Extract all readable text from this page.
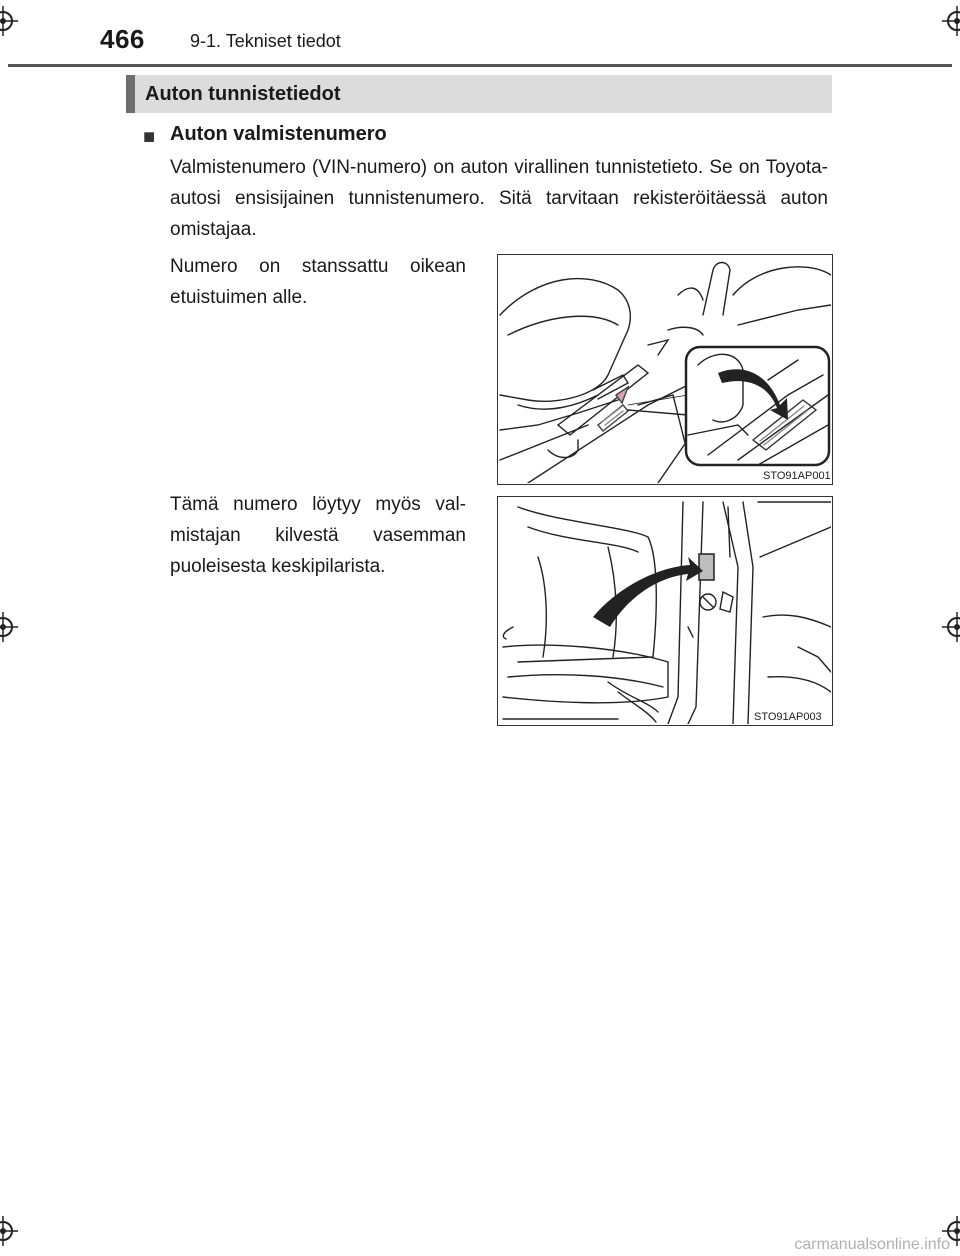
466	9-1. Tekniset tiedot
Auton tunnistetiedot
■ Auton valmistenumero
Valmistenumero (VIN-numero) on auton virallinen tunnistetieto. Se on Toyota-autosi ensisijainen tunnistenumero. Sitä tarvitaan rekisteröitäessä auton omistajaa.
Numero on stanssattu oikean etuistuimen alle.
Tämä numero löytyy myös valmistajan kilvestä vasemman puoleisesta keskipilarista.
STO91AP001
STO91AP003
carmanualsonline.info
